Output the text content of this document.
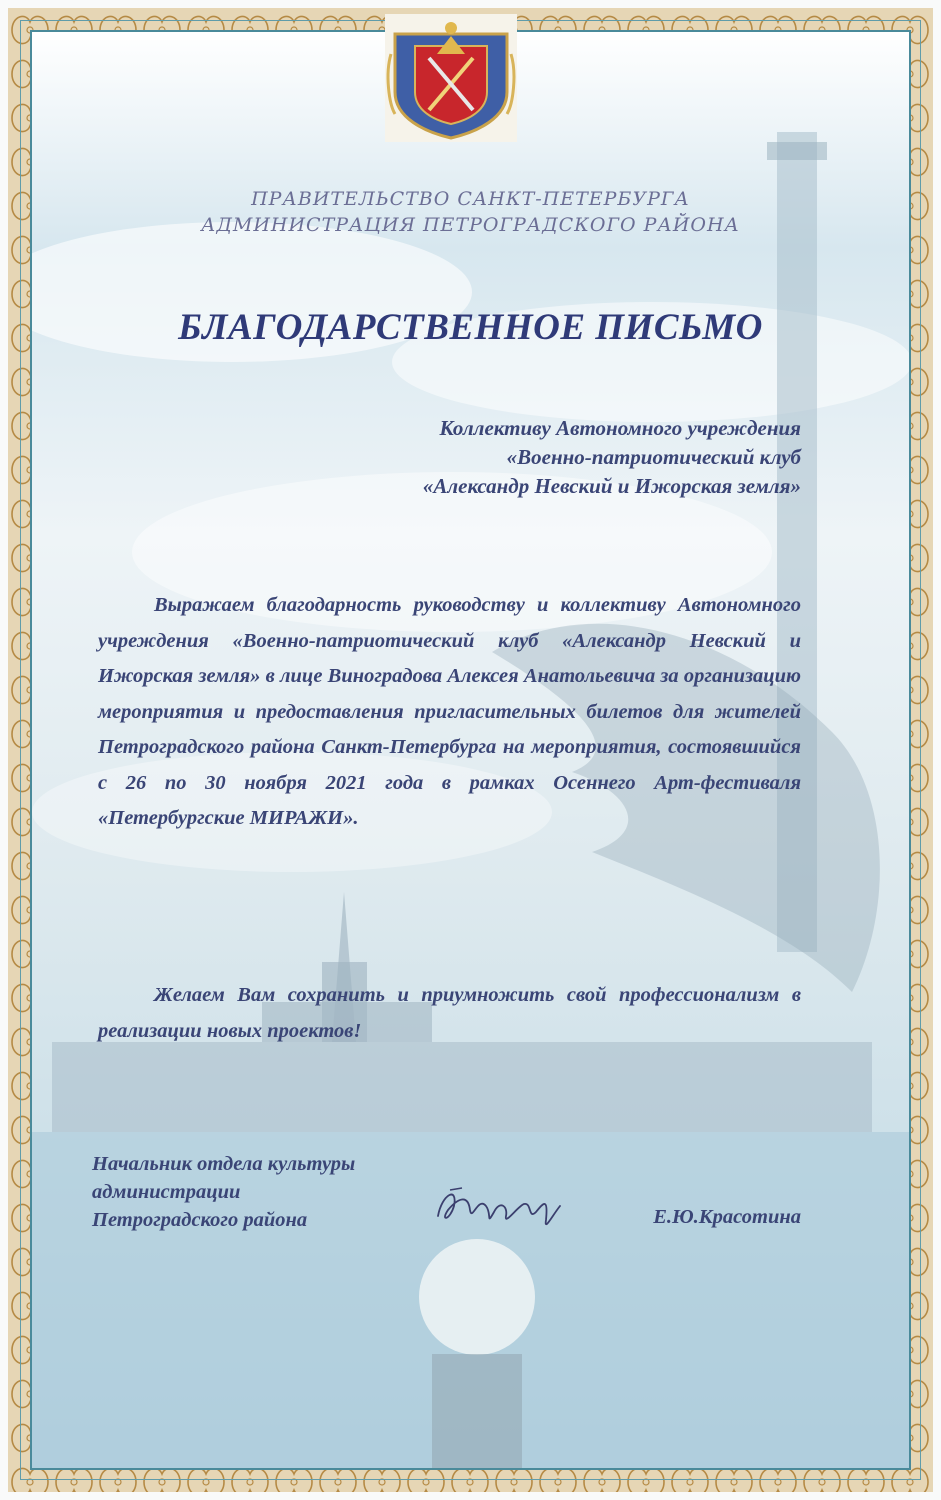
ПРАВИТЕЛЬСТВО САНКТ-ПЕТЕРБУРГА
АДМИНИСТРАЦИЯ ПЕТРОГРАДСКОГО РАЙОНА
БЛАГОДАРСТВЕННОЕ ПИСЬМО
Коллективу Автономного учреждения
«Военно-патриотический клуб
«Александр Невский и Ижорская земля»

Выражаем благодарность руководству и коллективу Автономного учреждения «Военно-патриотический клуб «Александр Невский и Ижорская земля» в лице Виноградова Алексея Анатольевича за организацию мероприятия и предоставления пригласительных билетов для жителей Петроградского района Санкт-Петербурга на мероприятия, состоявшийся с 26 по 30 ноября 2021 года в рамках Осеннего Арт-фестиваля «Петербургские МИРАЖИ».

Желаем Вам сохранить и приумножить свой профессионализм в реализации новых проектов!

Начальник отдела культуры
администрации
Петроградского района	Е.Ю.Красотина
